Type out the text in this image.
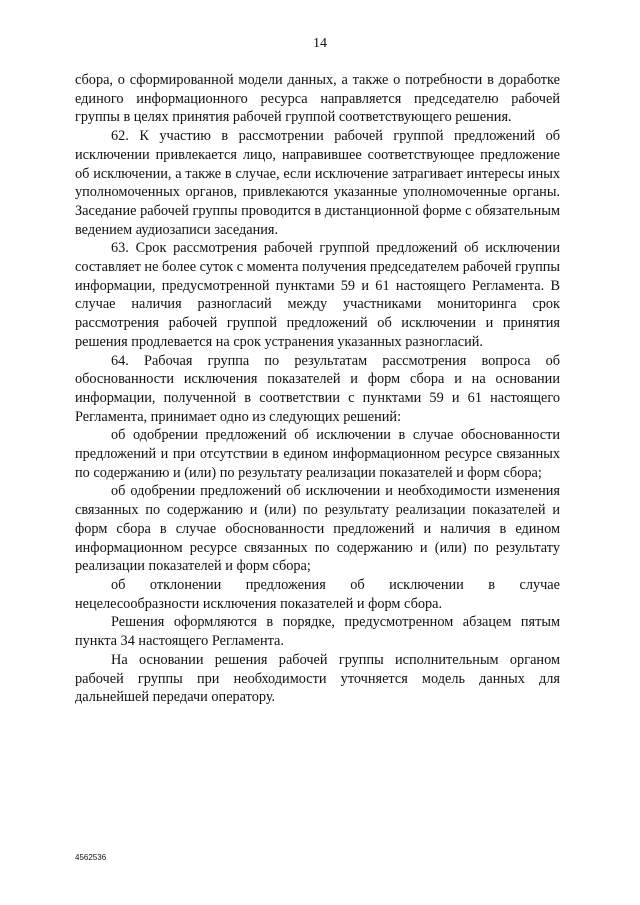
14

сбора, о сформированной модели данных, а также о потребности в доработке единого информационного ресурса направляется председателю рабочей группы в целях принятия рабочей группой соответствующего решения.

62. К участию в рассмотрении рабочей группой предложений об исключении привлекается лицо, направившее соответствующее предложение об исключении, а также в случае, если исключение затрагивает интересы иных уполномоченных органов, привлекаются указанные уполномоченные органы. Заседание рабочей группы проводится в дистанционной форме с обязательным ведением аудиозаписи заседания.

63. Срок рассмотрения рабочей группой предложений об исключении составляет не более суток с момента получения председателем рабочей группы информации, предусмотренной пунктами 59 и 61 настоящего Регламента. В случае наличия разногласий между участниками мониторинга срок рассмотрения рабочей группой предложений об исключении и принятия решения продлевается на срок устранения указанных разногласий.

64. Рабочая группа по результатам рассмотрения вопроса об обоснованности исключения показателей и форм сбора и на основании информации, полученной в соответствии с пунктами 59 и 61 настоящего Регламента, принимает одно из следующих решений:

об одобрении предложений об исключении в случае обоснованности предложений и при отсутствии в едином информационном ресурсе связанных по содержанию и (или) по результату реализации показателей и форм сбора;

об одобрении предложений об исключении и необходимости изменения связанных по содержанию и (или) по результату реализации показателей и форм сбора в случае обоснованности предложений и наличия в едином информационном ресурсе связанных по содержанию и (или) по результату реализации показателей и форм сбора;

об отклонении предложения об исключении в случае нецелесообразности исключения показателей и форм сбора.

Решения оформляются в порядке, предусмотренном абзацем пятым пункта 34 настоящего Регламента.

На основании решения рабочей группы исполнительным органом рабочей группы при необходимости уточняется модель данных для дальнейшей передачи оператору.

4562536
